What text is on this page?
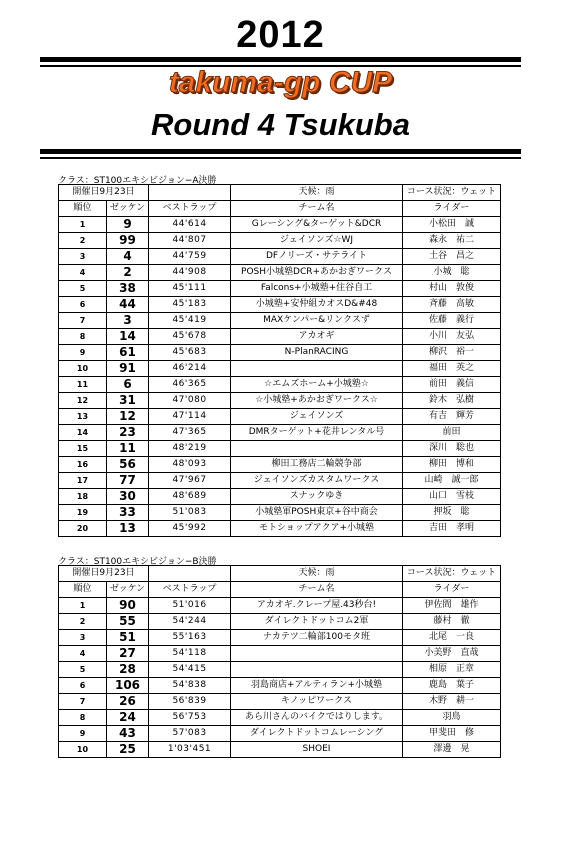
2012
takuma-gp CUP
Round 4 Tsukuba
クラス：ST100エキシビジョン−A決勝
開催日9月23日			天候：雨	コース状況：ウェット
順位	ゼッケン	ベストラップ	チーム名	ライダー
1	9	44'614	Gレーシング&ターゲット&DCR	小松田　誠
2	99	44'807	ジェイソンズ☆WJ	森永　祐二
3	4	44'759	DFノリーズ・サテライト	土谷　昌之
4	2	44'908	POSH小城塾DCR+あかおぎワークス	小城　聡
5	38	45'111	Falcons+小城塾+住谷自工	村山　敦俊
6	44	45'183	小城塾+安仲組カオスD&#48	斉藤　高敏
7	3	45'419	MAXケンパー&リンクスず	佐藤　義行
8	14	45'678	アカオギ	小川　友弘
9	61	45'683	N-PlanRACING	柳沢　裕一
10	91	46'214		福田　英之
11	6	46'365	☆エムズホーム+小城塾☆	前田　義信
12	31	47'080	☆小城塾+あかおぎワークス☆	鈴木　弘樹
13	12	47'114	ジェイソンズ	有吉　輝芳
14	23	47'365	DMRターゲット+花井レンタル号	前田
15	11	48'219		深川　聡也
16	56	48'093	柳田工務店二輪競争部	柳田　博和
17	77	47'967	ジェイソンズカスタムワークス	山崎　誠一郎
18	30	48'689	スナックゆき	山口　雪枝
19	33	51'083	小城塾軍POSH東京+谷中商会	押坂　聡
20	13	45'992	モトショップアクア+小城塾	吉田　孝明
クラス：ST100エキシビジョン−B決勝
開催日9月23日			天候：雨	コース状況：ウェット
順位	ゼッケン	ベストラップ	チーム名	ライダー
1	90	51'016	アカオギ.クレープ屋.43秒台!	伊佐間　雄作
2	55	54'244	ダイレクトドットコム2軍	藤村　徹
3	51	55'163	ナカテツ二輪部100モタ班	北尾　一良
4	27	54'118		小美野　直哉
5	28	54'415		相原　正章
6	106	54'838	羽島商店+アルティラン+小城塾	鹿島　葉子
7	26	56'839	キノッピワークス	木野　耕一
8	24	56'753	あら川さんのバイクではりします。	羽鳥
9	43	57'083	ダイレクトドットコムレーシング	甲斐田　修
10	25	1'03'451	SHOEI	澤邊　晃
